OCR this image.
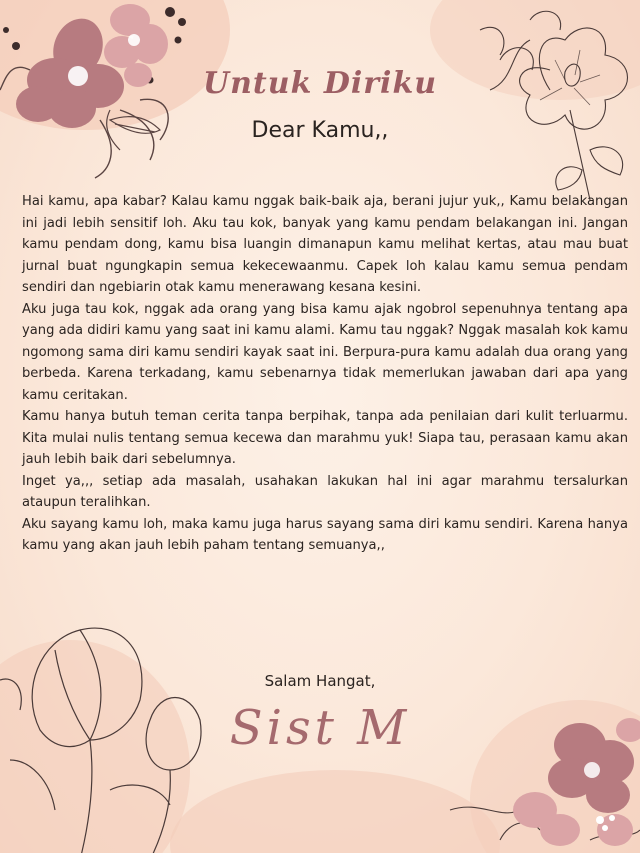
Untuk Diriku
Dear Kamu,,

Hai kamu, apa kabar? Kalau kamu nggak baik-baik aja, berani jujur yuk,, Kamu belakangan ini jadi lebih sensitif loh. Aku tau kok, banyak yang kamu pendam belakangan ini. Jangan kamu pendam dong, kamu bisa luangin dimanapun kamu melihat kertas, atau mau buat jurnal buat ngungkapin semua kekecewaanmu. Capek loh kalau kamu semua pendam sendiri dan ngebiarin otak kamu menerawang kesana kesini.

Aku juga tau kok, nggak ada orang yang bisa kamu ajak ngobrol sepenuhnya tentang apa yang ada didiri kamu yang saat ini kamu alami. Kamu tau nggak? Nggak masalah kok kamu ngomong sama diri kamu sendiri kayak saat ini. Berpura-pura kamu adalah dua orang yang berbeda. Karena terkadang, kamu sebenarnya tidak memerlukan jawaban dari apa yang kamu ceritakan.

Kamu hanya butuh teman cerita tanpa berpihak, tanpa ada penilaian dari kulit terluarmu. Kita mulai nulis tentang semua kecewa dan marahmu yuk! Siapa tau, perasaan kamu akan jauh lebih baik dari sebelumnya.

Inget ya,,, setiap ada masalah, usahakan lakukan hal ini agar marahmu tersalurkan ataupun teralihkan.

Aku sayang kamu loh, maka kamu juga harus sayang sama diri kamu sendiri. Karena hanya kamu yang akan jauh lebih paham tentang semuanya,,

Salam Hangat,
Sist M
